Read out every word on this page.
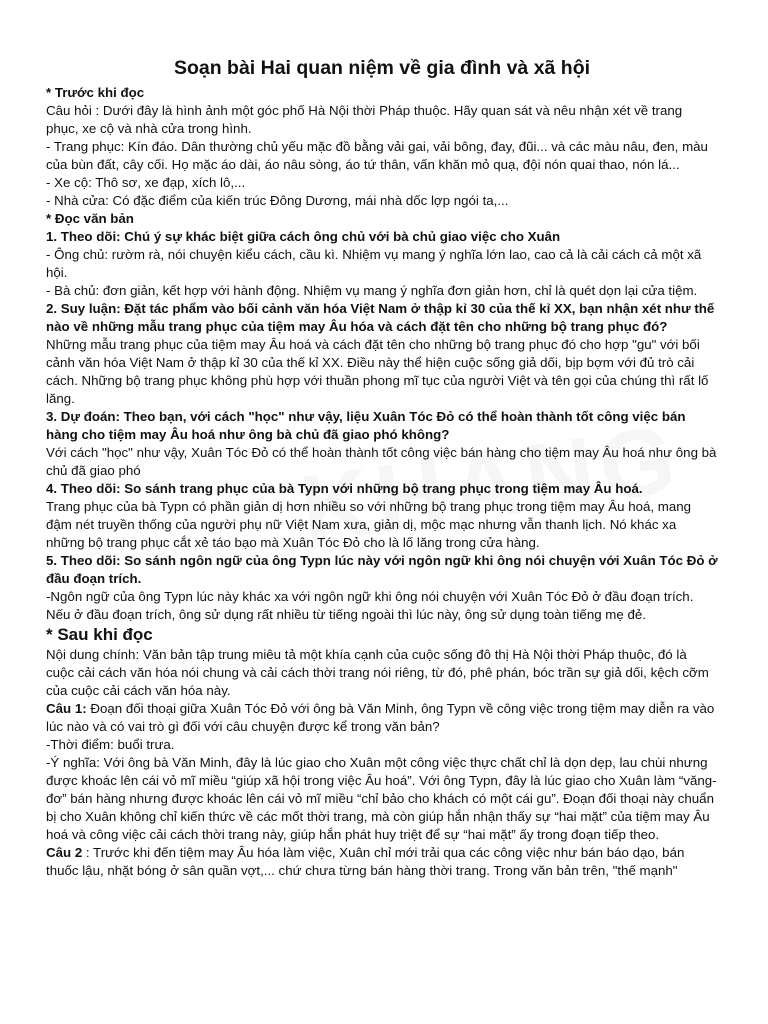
Soạn bài Hai quan niệm về gia đình và xã hội
* Trước khi đọc
Câu hỏi : Dưới đây là hình ảnh một góc phố Hà Nội thời Pháp thuộc. Hãy quan sát và nêu nhận xét về trang phục, xe cộ và nhà cửa trong hình.
- Trang phục: Kín đáo. Dân thường chủ yếu mặc đồ bằng vải gai, vải bông, đay, đũi... và các màu nâu, đen, màu của bùn đất, cây cối. Họ mặc áo dài, áo nâu sòng, áo tứ thân, vấn khăn mỏ quạ, đội nón quai thao, nón lá...
- Xe cộ: Thô sơ, xe đạp, xích lô,...
- Nhà cửa: Có đặc điểm của kiến trúc Đông Dương, mái nhà dốc lợp ngói ta,...
* Đọc văn bản
1. Theo dõi: Chú ý sự khác biệt giữa cách ông chủ với bà chủ giao việc cho Xuân
- Ông chủ: rườm rà, nói chuyện kiểu cách, cầu kì. Nhiệm vụ mang ý nghĩa lớn lao, cao cả là cải cách cả một xã hội.
- Bà chủ: đơn giản, kết hợp với hành động. Nhiệm vụ mang ý nghĩa đơn giản hơn, chỉ là quét dọn lại cửa tiệm.
2. Suy luận: Đặt tác phẩm vào bối cảnh văn hóa Việt Nam ở thập kỉ 30 của thế kỉ XX, bạn nhận xét như thế nào về những mẫu trang phục của tiệm may Âu hóa và cách đặt tên cho những bộ trang phục đó?
Những mẫu trang phục của tiệm may Âu hoá và cách đặt tên cho những bộ trang phục đó cho hợp "gu" với bối cảnh văn hóa Việt Nam ở thập kỉ 30 của thế kỉ XX. Điều này thể hiện cuộc sống giả dối, bịp bợm với đủ trò cải cách. Những bộ trang phục không phù hợp với thuần phong mĩ tục của người Việt và tên gọi của chúng thì rất lố lăng.
3. Dự đoán: Theo bạn, với cách "học" như vậy, liệu Xuân Tóc Đỏ có thể hoàn thành tốt công việc bán hàng cho tiệm may Âu hoá như ông bà chủ đã giao phó không?
Với cách "học" như vậy, Xuân Tóc Đỏ có thể hoàn thành tốt công việc bán hàng cho tiệm may Âu hoá như ông bà chủ đã giao phó
4. Theo dõi: So sánh trang phục của bà Typn với những bộ trang phục trong tiệm may Âu hoá.
Trang phục của bà Typn có phần giản dị hơn nhiều so với những bộ trang phục trong tiệm may Âu hoá, mang đậm nét truyền thống của người phụ nữ Việt Nam xưa, giản dị, mộc mạc nhưng vẫn thanh lịch. Nó khác xa những bộ trang phục cắt xẻ táo bạo mà Xuân Tóc Đỏ cho là lố lăng trong cửa hàng.
5. Theo dõi: So sánh ngôn ngữ của ông Typn lúc này với ngôn ngữ khi ông nói chuyện với Xuân Tóc Đỏ ở đầu đoạn trích.
-Ngôn ngữ của ông Typn lúc này khác xa với ngôn ngữ khi ông nói chuyện với Xuân Tóc Đỏ ở đầu đoạn trích. Nếu ở đầu đoạn trích, ông sử dụng rất nhiều từ tiếng ngoài thì lúc này, ông sử dụng toàn tiếng mẹ đẻ.
* Sau khi đọc
Nội dung chính: Văn bản tập trung miêu tả một khía cạnh của cuộc sống đô thị Hà Nội thời Pháp thuộc, đó là cuộc cải cách văn hóa nói chung và cải cách thời trang nói riêng, từ đó, phê phán, bóc trần sự giả dối, kệch cỡm của cuộc cải cách văn hóa này.
Câu 1: Đoạn đối thoại giữa Xuân Tóc Đỏ với ông bà Văn Minh, ông Typn về công việc trong tiệm may diễn ra vào lúc nào và có vai trò gì đối với câu chuyện được kể trong văn bản?
-Thời điểm: buổi trưa.
-Ý nghĩa: Với ông bà Văn Minh, đây là lúc giao cho Xuân một công việc thực chất chỉ là dọn dẹp, lau chùi nhưng được khoác lên cái vỏ mĩ miều “giúp xã hội trong việc Âu hoá”. Với ông Typn, đây là lúc giao cho Xuân làm “văng-đơ” bán hàng nhưng được khoác lên cái vỏ mĩ miều “chỉ bảo cho khách có một cái gu”. Đoạn đối thoại này chuẩn bị cho Xuân không chỉ kiến thức về các mốt thời trang, mà còn giúp hắn nhận thấy sự “hai mặt” của tiệm may Âu hoá và công việc cải cách thời trang này, giúp hắn phát huy triệt để sự “hai mặt” ấy trong đoạn tiếp theo.
Câu 2 : Trước khi đến tiệm may Âu hóa làm việc, Xuân chỉ mới trải qua các công việc như bán báo dạo, bán thuốc lậu, nhặt bóng ở sân quần vợt,... chứ chưa từng bán hàng thời trang. Trong văn bản trên, "thế mạnh"
